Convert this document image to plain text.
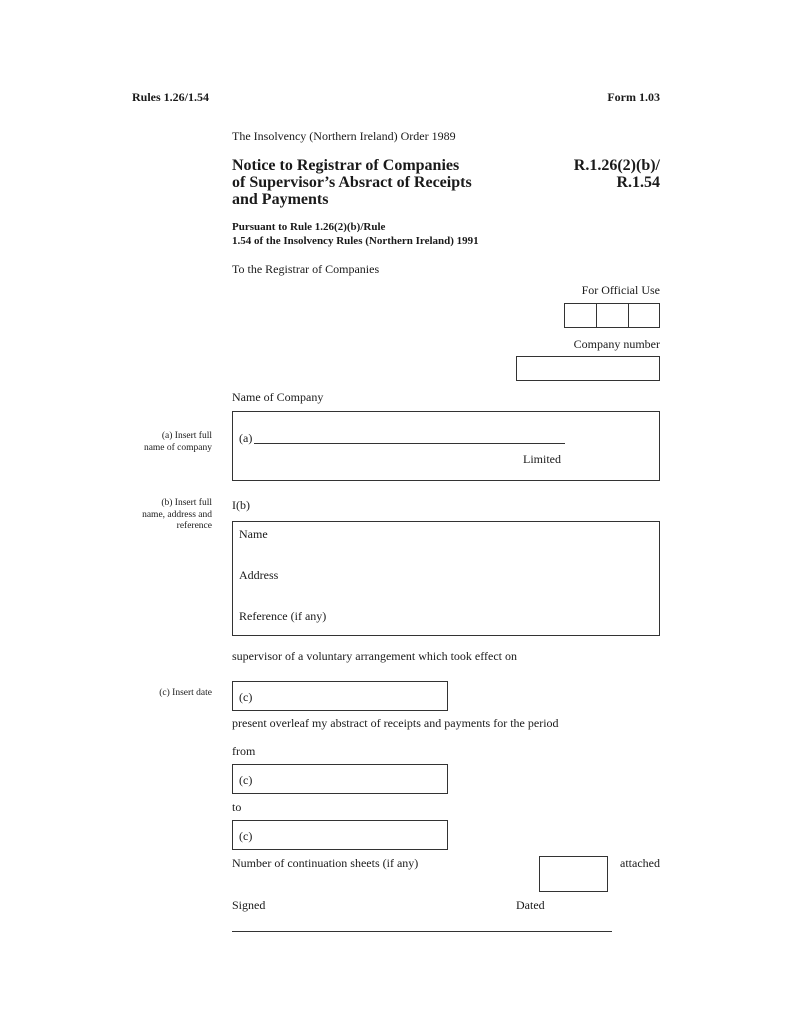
Rules 1.26/1.54	Form 1.03
The Insolvency (Northern Ireland) Order 1989
Notice to Registrar of Companies
of Supervisor’s Absract of Receipts
and Payments
R.1.26(2)(b)/
R.1.54
Pursuant to Rule 1.26(2)(b)/Rule
1.54 of the Insolvency Rules (Northern Ireland) 1991
To the Registrar of Companies
For Official Use
Company number
Name of Company
(a) Insert full
name of company
(a)
Limited
(b) Insert full
name, address and
reference
I(b)
Name
Address
Reference (if any)
supervisor of a voluntary arrangement which took effect on
(c) Insert date (c)
present overleaf my abstract of receipts and payments for the period
from
(c)
to
(c)
Number of continuation sheets (if any)	attached
Signed	Dated
